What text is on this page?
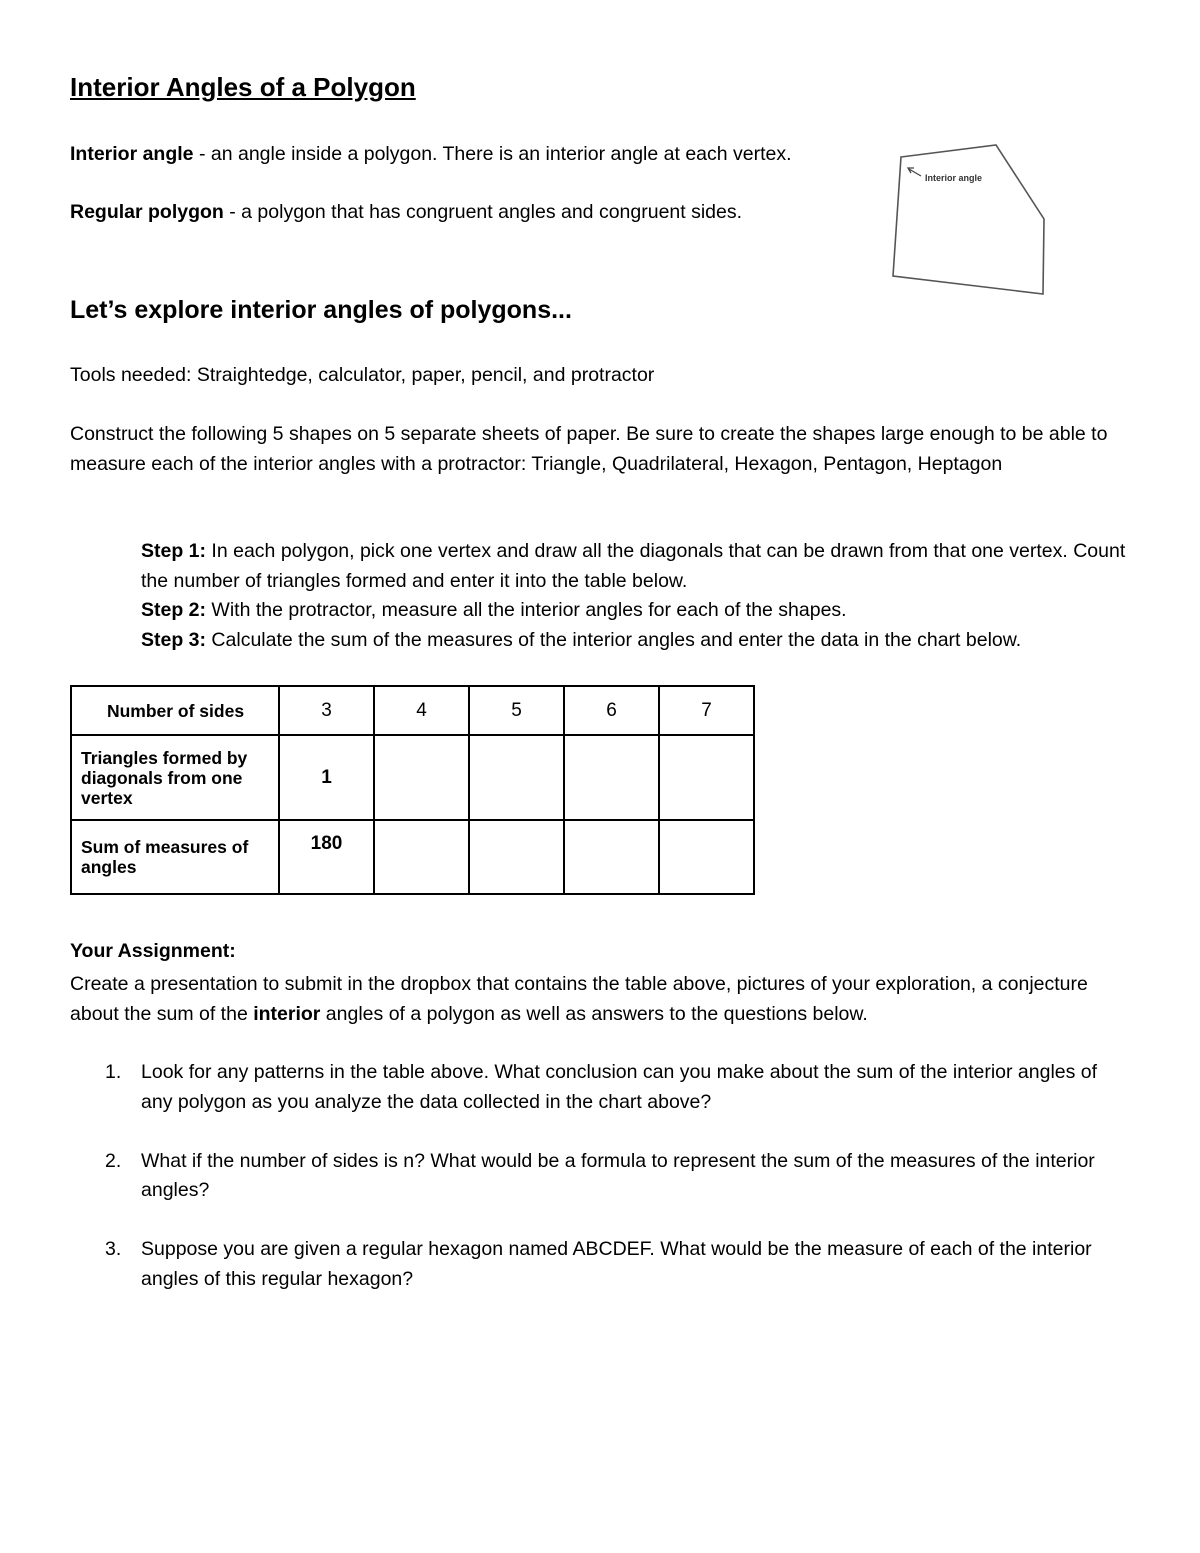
Interior Angles of a Polygon

Interior angle - an angle inside a polygon. There is an interior angle at each vertex.

Regular polygon - a polygon that has congruent angles and congruent sides.

Interior angle
Let’s explore interior angles of polygons...

Tools needed: Straightedge, calculator, paper, pencil, and protractor

Construct the following 5 shapes on 5 separate sheets of paper. Be sure to create the shapes large enough to be able to measure each of the interior angles with a protractor: Triangle, Quadrilateral, Hexagon, Pentagon, Heptagon

Step 1: In each polygon, pick one vertex and draw all the diagonals that can be drawn from that one vertex. Count the number of triangles formed and enter it into the table below.

Step 2: With the protractor, measure all the interior angles for each of the shapes.

Step 3: Calculate the sum of the measures of the interior angles and enter the data in the chart below.

Number of sides	3	4	5	6	7
Triangles formed by diagonals from one vertex	1				
Sum of measures of angles	180				

Your Assignment:

Create a presentation to submit in the dropbox that contains the table above, pictures of your exploration, a conjecture about the sum of the interior angles of a polygon as well as answers to the questions below.

1. Look for any patterns in the table above. What conclusion can you make about the sum of the interior angles of any polygon as you analyze the data collected in the chart above?
2. What if the number of sides is n? What would be a formula to represent the sum of the measures of the interior angles?
3. Suppose you are given a regular hexagon named ABCDEF. What would be the measure of each of the interior angles of this regular hexagon?
